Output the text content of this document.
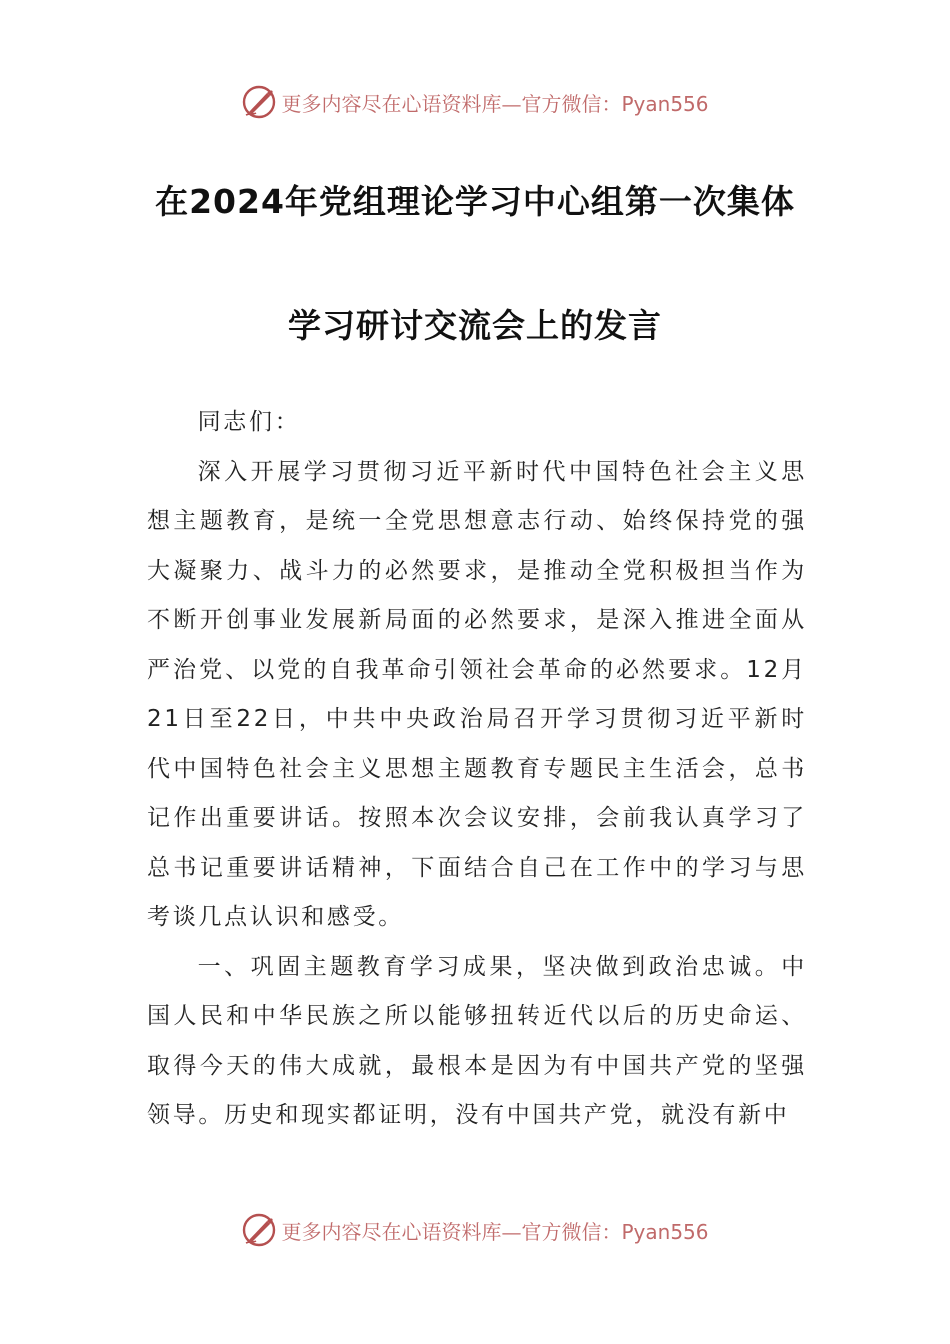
更多内容尽在心语资料库—官方微信：Pyan556
在2024年党组理论学习中心组第一次集体
学习研讨交流会上的发言

同志们：

深入开展学习贯彻习近平新时代中国特色社会主义思想主题教育，是统一全党思想意志行动、始终保持党的强大凝聚力、战斗力的必然要求，是推动全党积极担当作为不断开创事业发展新局面的必然要求，是深入推进全面从严治党、以党的自我革命引领社会革命的必然要求。12月21日至22日，中共中央政治局召开学习贯彻习近平新时代中国特色社会主义思想主题教育专题民主生活会，总书记作出重要讲话。按照本次会议安排，会前我认真学习了总书记重要讲话精神，下面结合自己在工作中的学习与思考谈几点认识和感受。

一、巩固主题教育学习成果，坚决做到政治忠诚。中国人民和中华民族之所以能够扭转近代以后的历史命运、取得今天的伟大成就，最根本是因为有中国共产党的坚强领导。历史和现实都证明，没有中国共产党，就没有新中

更多内容尽在心语资料库—官方微信：Pyan556
